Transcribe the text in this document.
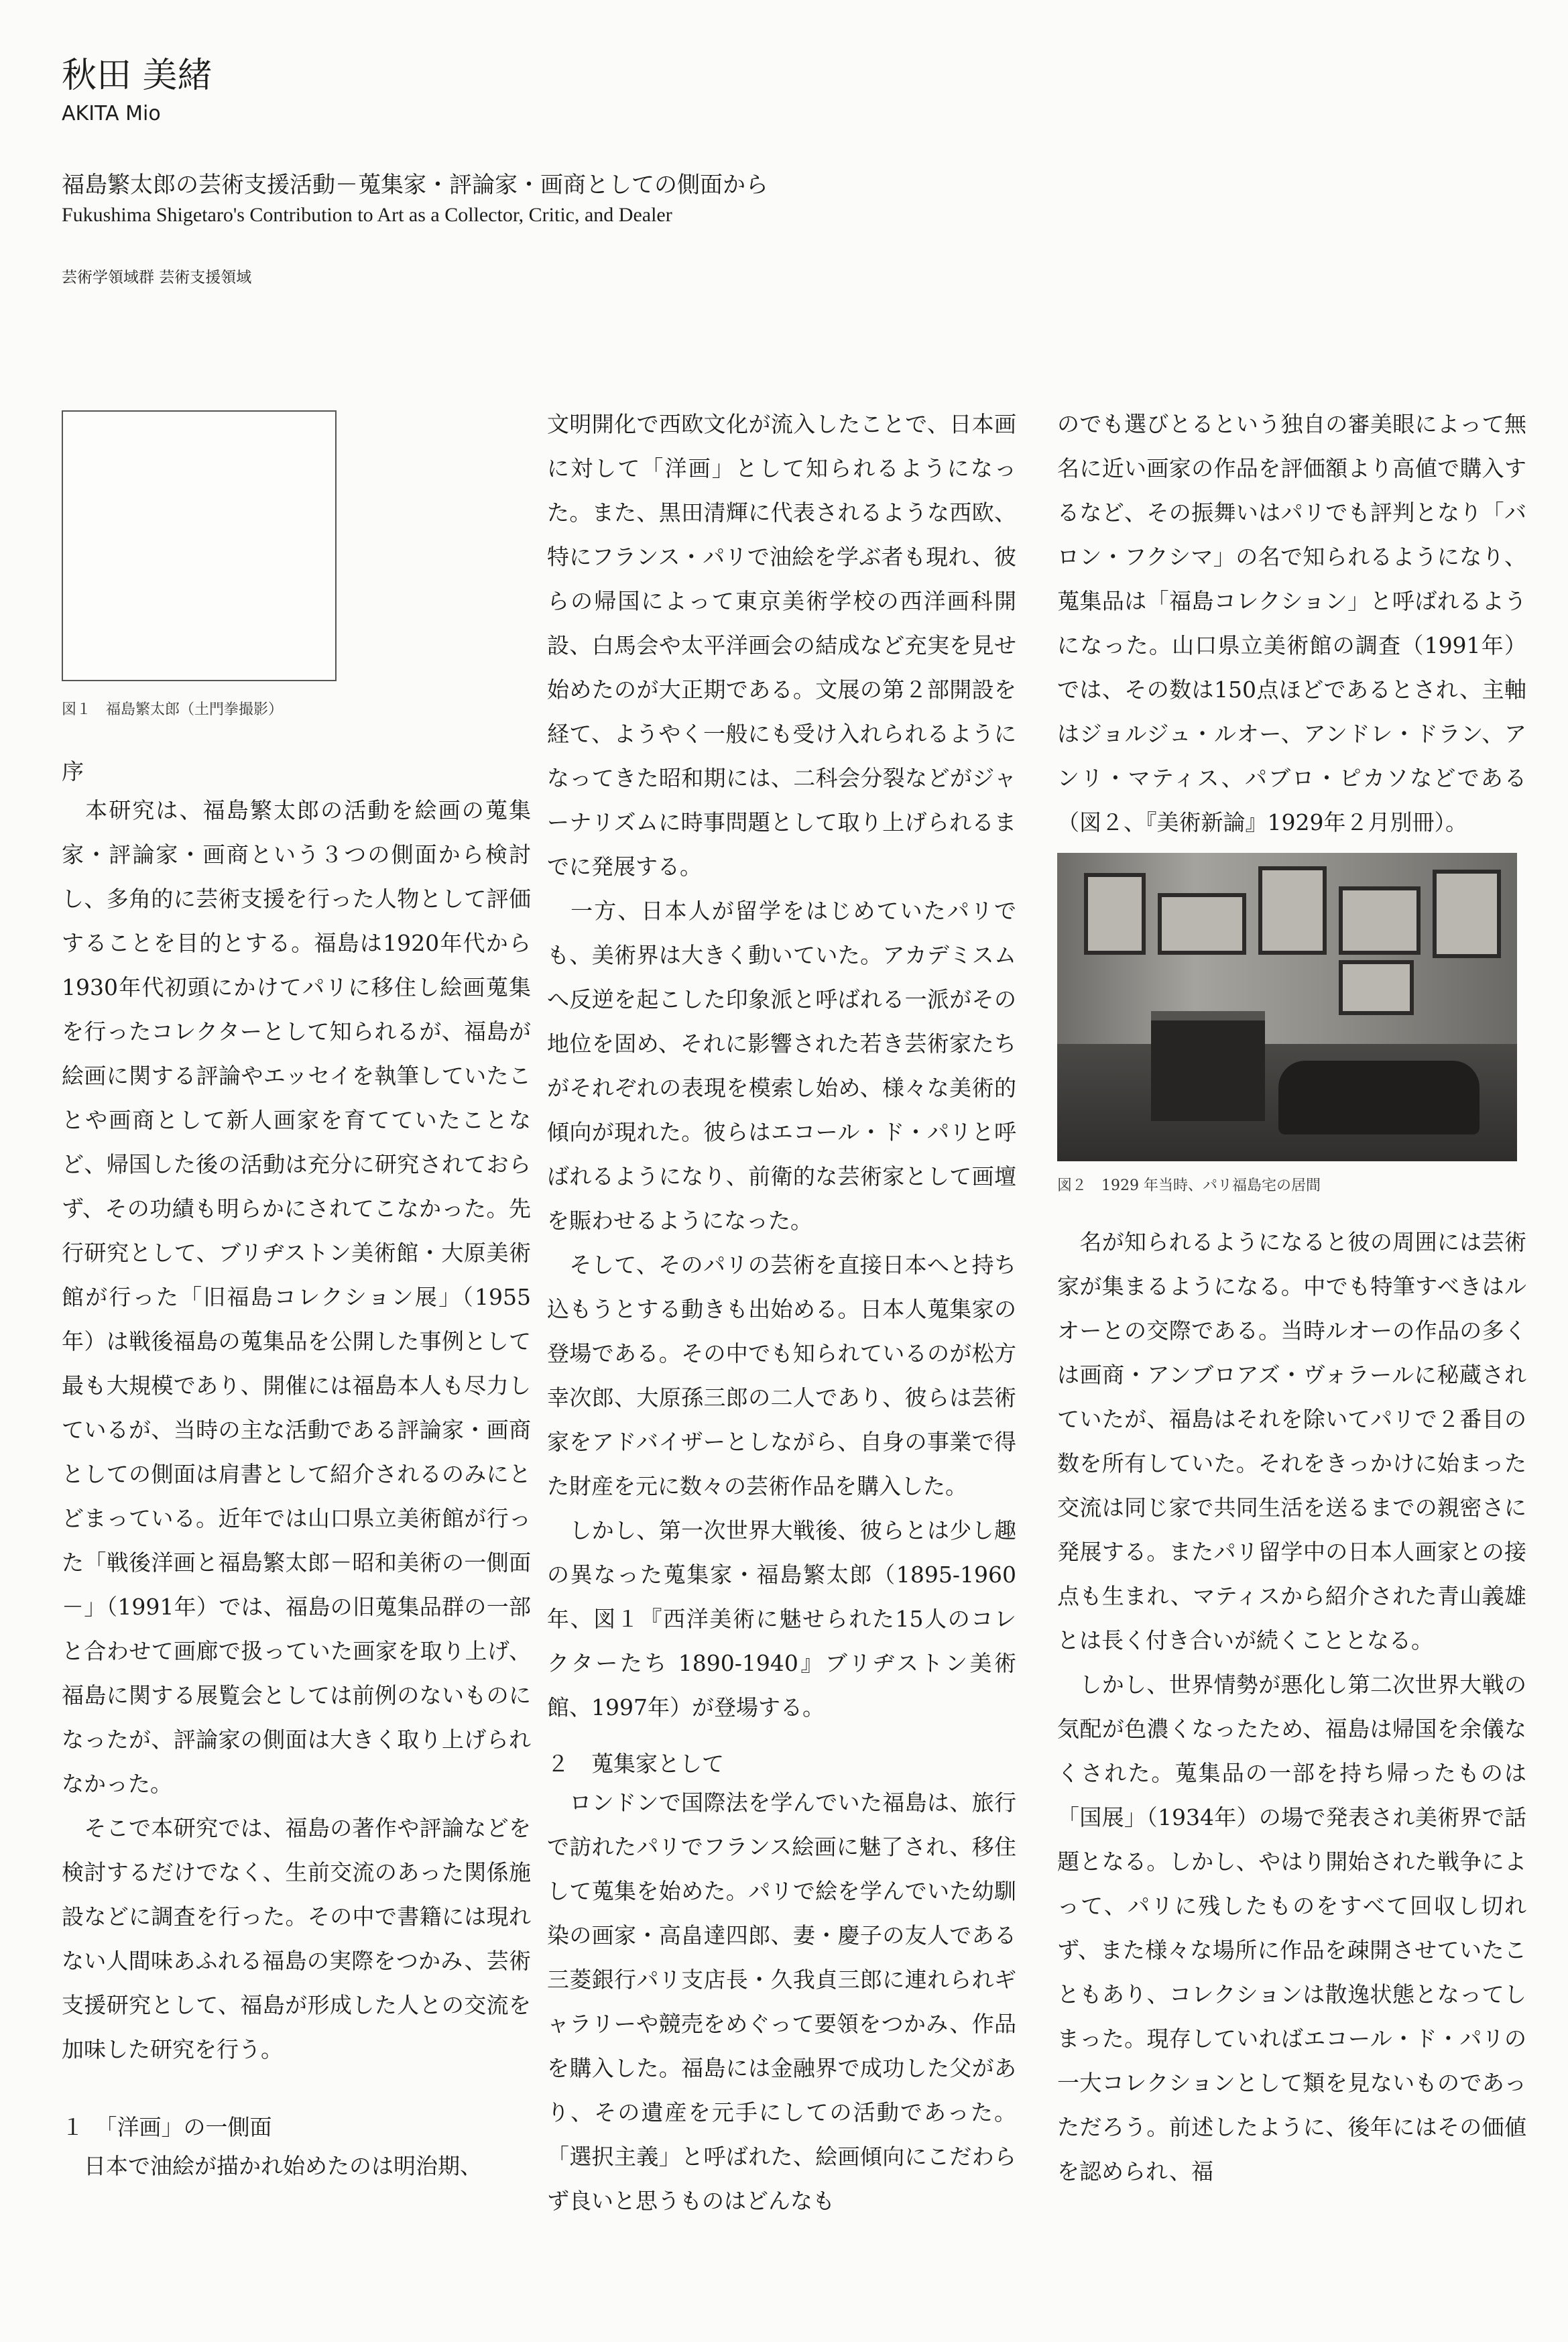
秋田 美緒
AKITA Mio
福島繁太郎の芸術支援活動－蒐集家・評論家・画商としての側面から
Fukushima Shigetaro's Contribution to Art as a Collector, Critic, and Dealer
芸術学領域群 芸術支援領域
図１　福島繁太郎（土門拳撮影）
序

　本研究は、福島繁太郎の活動を絵画の蒐集家・評論家・画商という３つの側面から検討し、多角的に芸術支援を行った人物として評価することを目的とする。福島は1920年代から1930年代初頭にかけてパリに移住し絵画蒐集を行ったコレクターとして知られるが、福島が絵画に関する評論やエッセイを執筆していたことや画商として新人画家を育てていたことなど、帰国した後の活動は充分に研究されておらず、その功績も明らかにされてこなかった。先行研究として、ブリヂストン美術館・大原美術館が行った「旧福島コレクション展」（1955年）は戦後福島の蒐集品を公開した事例として最も大規模であり、開催には福島本人も尽力しているが、当時の主な活動である評論家・画商としての側面は肩書として紹介されるのみにとどまっている。近年では山口県立美術館が行った「戦後洋画と福島繁太郎－昭和美術の一側面－」（1991年）では、福島の旧蒐集品群の一部と合わせて画廊で扱っていた画家を取り上げ、福島に関する展覧会としては前例のないものになったが、評論家の側面は大きく取り上げられなかった。

　そこで本研究では、福島の著作や評論などを検討するだけでなく、生前交流のあった関係施設などに調査を行った。その中で書籍には現れない人間味あふれる福島の実際をつかみ、芸術支援研究として、福島が形成した人との交流を加味した研究を行う。

１　「洋画」の一側面

　日本で油絵が描かれ始めたのは明治期、

文明開化で西欧文化が流入したことで、日本画に対して「洋画」として知られるようになった。また、黒田清輝に代表されるような西欧、特にフランス・パリで油絵を学ぶ者も現れ、彼らの帰国によって東京美術学校の西洋画科開設、白馬会や太平洋画会の結成など充実を見せ始めたのが大正期である。文展の第２部開設を経て、ようやく一般にも受け入れられるようになってきた昭和期には、二科会分裂などがジャーナリズムに時事問題として取り上げられるまでに発展する。

　一方、日本人が留学をはじめていたパリでも、美術界は大きく動いていた。アカデミスムへ反逆を起こした印象派と呼ばれる一派がその地位を固め、それに影響された若き芸術家たちがそれぞれの表現を模索し始め、様々な美術的傾向が現れた。彼らはエコール・ド・パリと呼ばれるようになり、前衛的な芸術家として画壇を賑わせるようになった。

　そして、そのパリの芸術を直接日本へと持ち込もうとする動きも出始める。日本人蒐集家の登場である。その中でも知られているのが松方幸次郎、大原孫三郎の二人であり、彼らは芸術家をアドバイザーとしながら、自身の事業で得た財産を元に数々の芸術作品を購入した。

　しかし、第一次世界大戦後、彼らとは少し趣の異なった蒐集家・福島繁太郎（1895-1960年、図１『西洋美術に魅せられた15人のコレクターたち 1890-1940』ブリヂストン美術館、1997年）が登場する。

２　蒐集家として

　ロンドンで国際法を学んでいた福島は、旅行で訪れたパリでフランス絵画に魅了され、移住して蒐集を始めた。パリで絵を学んでいた幼馴染の画家・高畠達四郎、妻・慶子の友人である三菱銀行パリ支店長・久我貞三郎に連れられギャラリーや競売をめぐって要領をつかみ、作品を購入した。福島には金融界で成功した父があり、その遺産を元手にしての活動であった。「選択主義」と呼ばれた、絵画傾向にこだわらず良いと思うものはどんなも

のでも選びとるという独自の審美眼によって無名に近い画家の作品を評価額より高値で購入するなど、その振舞いはパリでも評判となり「バロン・フクシマ」の名で知られるようになり、蒐集品は「福島コレクション」と呼ばれるようになった。山口県立美術館の調査（1991年）では、その数は150点ほどであるとされ、主軸はジョルジュ・ルオー、アンドレ・ドラン、アンリ・マティス、パブロ・ピカソなどである（図２、『美術新論』1929年２月別冊）。

図２　1929 年当時、パリ福島宅の居間

　名が知られるようになると彼の周囲には芸術家が集まるようになる。中でも特筆すべきはルオーとの交際である。当時ルオーの作品の多くは画商・アンブロアズ・ヴォラールに秘蔵されていたが、福島はそれを除いてパリで２番目の数を所有していた。それをきっかけに始まった交流は同じ家で共同生活を送るまでの親密さに発展する。またパリ留学中の日本人画家との接点も生まれ、マティスから紹介された青山義雄とは長く付き合いが続くこととなる。

　しかし、世界情勢が悪化し第二次世界大戦の気配が色濃くなったため、福島は帰国を余儀なくされた。蒐集品の一部を持ち帰ったものは「国展」（1934年）の場で発表され美術界で話題となる。しかし、やはり開始された戦争によって、パリに残したものをすべて回収し切れず、また様々な場所に作品を疎開させていたこともあり、コレクションは散逸状態となってしまった。現存していればエコール・ド・パリの一大コレクションとして類を見ないものであっただろう。前述したように、後年にはその価値を認められ、福
